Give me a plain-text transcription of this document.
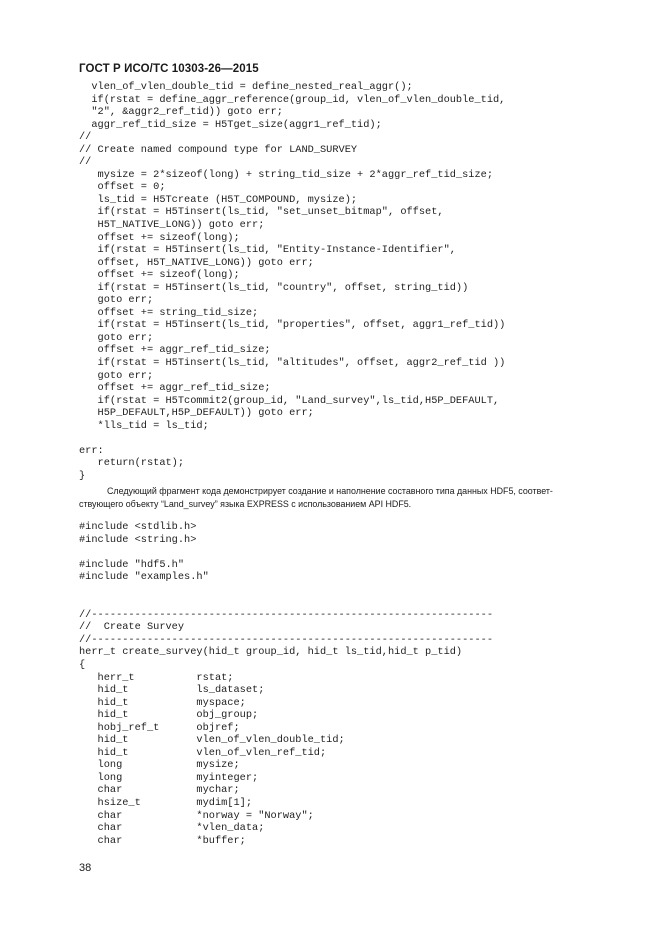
ГОСТ Р ИСО/ТС 10303-26—2015
vlen_of_vlen_double_tid = define_nested_real_aggr();
if(rstat = define_aggr_reference(group_id, vlen_of_vlen_double_tid,
"2", &aggr2_ref_tid)) goto err;
aggr_ref_tid_size = H5Tget_size(aggr1_ref_tid);
//
// Create named compound type for LAND_SURVEY
//
mysize = 2*sizeof(long) + string_tid_size + 2*aggr_ref_tid_size;
offset = 0;
ls_tid = H5Tcreate (H5T_COMPOUND, mysize);
if(rstat = H5Tinsert(ls_tid, "set_unset_bitmap", offset,
H5T_NATIVE_LONG)) goto err;
offset += sizeof(long);
if(rstat = H5Tinsert(ls_tid, "Entity-Instance-Identifier",
offset, H5T_NATIVE_LONG)) goto err;
offset += sizeof(long);
if(rstat = H5Tinsert(ls_tid, "country", offset, string_tid))
goto err;
offset += string_tid_size;
if(rstat = H5Tinsert(ls_tid, "properties", offset, aggr1_ref_tid))
goto err;
offset += aggr_ref_tid_size;
if(rstat = H5Tinsert(ls_tid, "altitudes", offset, aggr2_ref_tid ))
goto err;
offset += aggr_ref_tid_size;
if(rstat = H5Tcommit2(group_id, "Land_survey",ls_tid,H5P_DEFAULT,
H5P_DEFAULT,H5P_DEFAULT)) goto err;
*lls_tid = ls_tid;
err:
return(rstat);
}
Следующий фрагмент кода демонстрирует создание и наполнение составного типа данных HDF5, соответ-
ствующего объекту “Land_survey” языка EXPRESS с использованием API HDF5.
#include <stdlib.h>
#include <string.h>
#include "hdf5.h"
#include "examples.h"
//-----------------------------------------------------------------
//  Create Survey
//-----------------------------------------------------------------
herr_t create_survey(hid_t group_id, hid_t ls_tid,hid_t p_tid)
{
herr_t          rstat;
hid_t           ls_dataset;
hid_t           myspace;
hid_t           obj_group;
hobj_ref_t      objref;
hid_t           vlen_of_vlen_double_tid;
hid_t           vlen_of_vlen_ref_tid;
long            mysize;
long            myinteger;
char            mychar;
hsize_t         mydim[1];
char            *norway = "Norway";
char            *vlen_data;
char            *buffer;
38
